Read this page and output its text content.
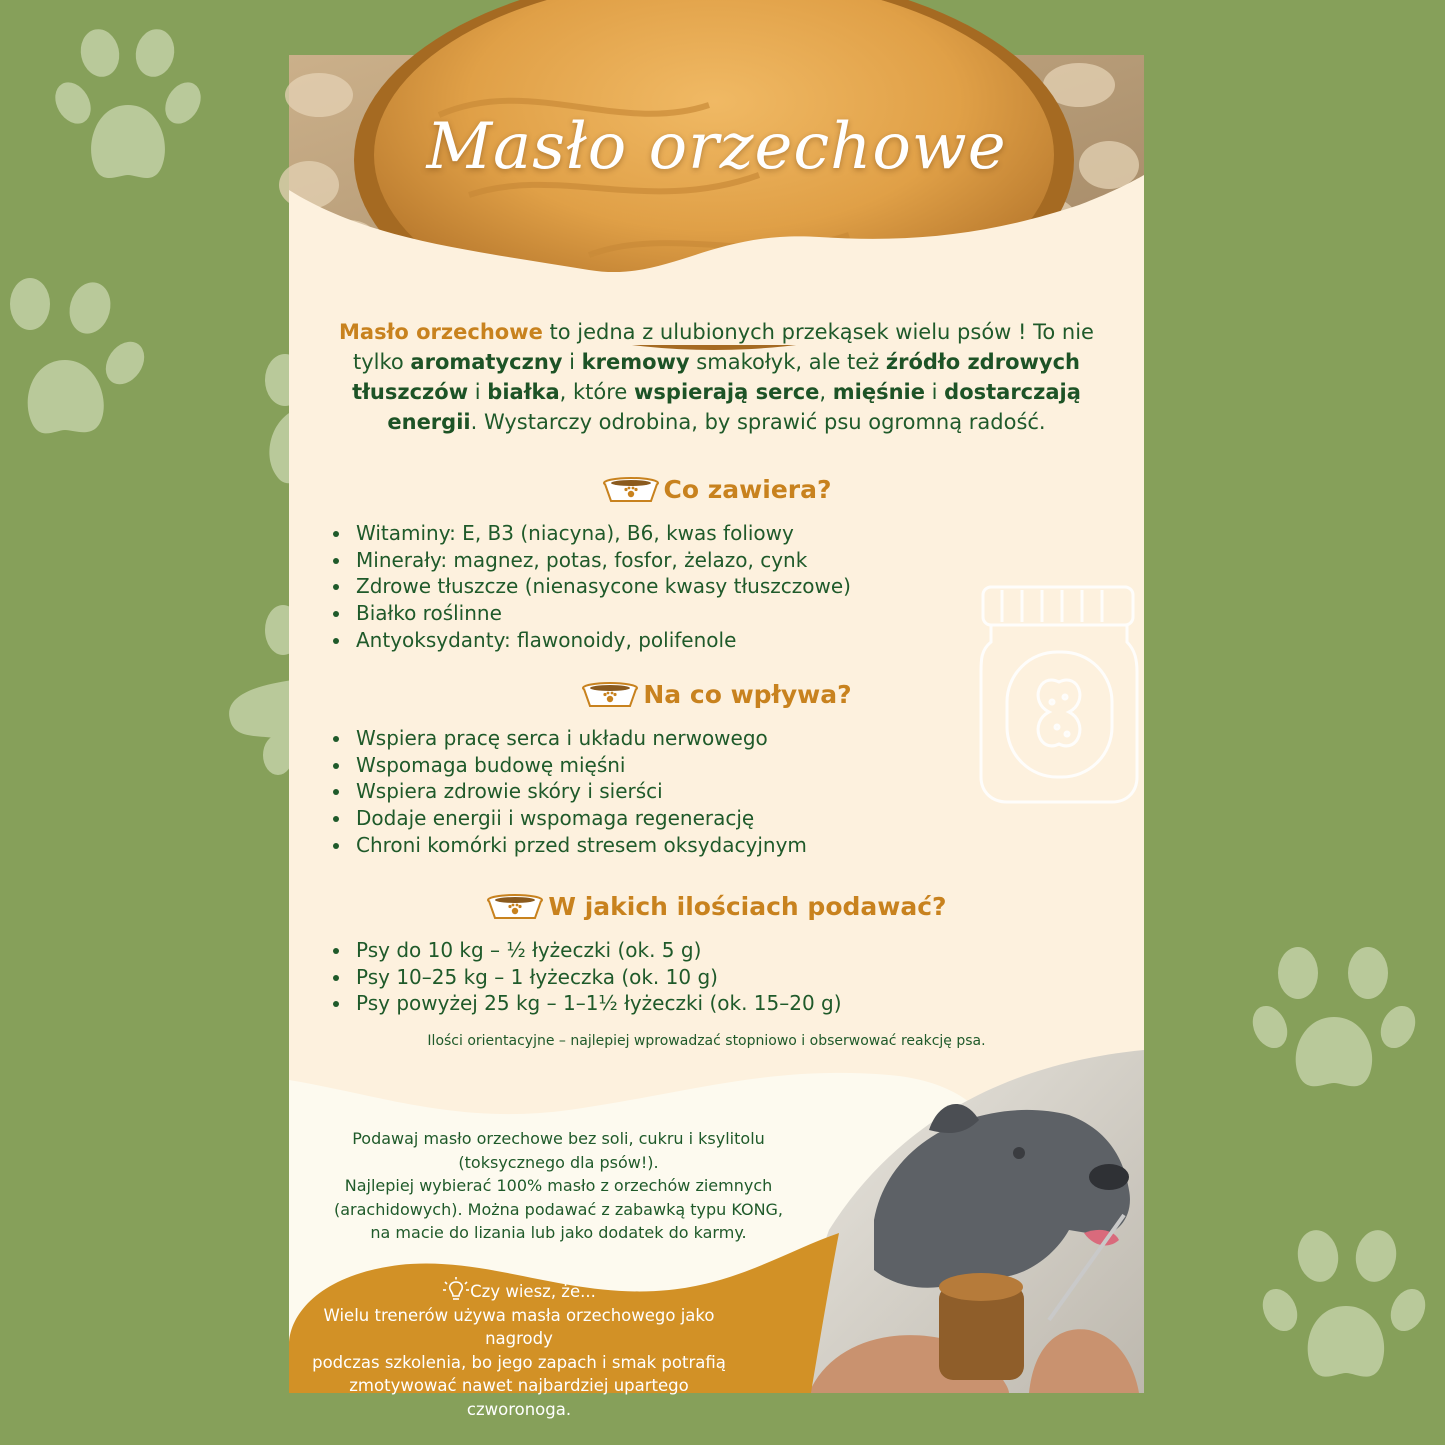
Masło orzechowe
Masło orzechowe to jedna z ulubionych przekąsek wielu psów ! To nie tylko aromatyczny i kremowy smakołyk, ale też źródło zdrowych tłuszczów i białka, które wspierają serce, mięśnie i dostarczają energii. Wystarczy odrobina, by sprawić psu ogromną radość.
Co zawiera?
Witaminy: E, B3 (niacyna), B6, kwas foliowy
Minerały: magnez, potas, fosfor, żelazo, cynk
Zdrowe tłuszcze (nienasycone kwasy tłuszczowe)
Białko roślinne
Antyoksydanty: flawonoidy, polifenole
Na co wpływa?
Wspiera pracę serca i układu nerwowego
Wspomaga budowę mięśni
Wspiera zdrowie skóry i sierści
Dodaje energii i wspomaga regenerację
Chroni komórki przed stresem oksydacyjnym
W jakich ilościach podawać?
Psy do 10 kg – ½ łyżeczki (ok. 5 g)
Psy 10–25 kg – 1 łyżeczka (ok. 10 g)
Psy powyżej 25 kg – 1–1½ łyżeczki (ok. 15–20 g)
Ilości orientacyjne – najlepiej wprowadzać stopniowo i obserwować reakcję psa.
Podawaj masło orzechowe bez soli, cukru i ksylitolu
(toksycznego dla psów!).
Najlepiej wybierać 100% masło z orzechów ziemnych
(arachidowych). Można podawać z zabawką typu KONG,
na macie do lizania lub jako dodatek do karmy.
Czy wiesz, że...
Wielu trenerów używa masła orzechowego jako nagrody
podczas szkolenia, bo jego zapach i smak potrafią
zmotywować nawet najbardziej upartego czworonoga.
